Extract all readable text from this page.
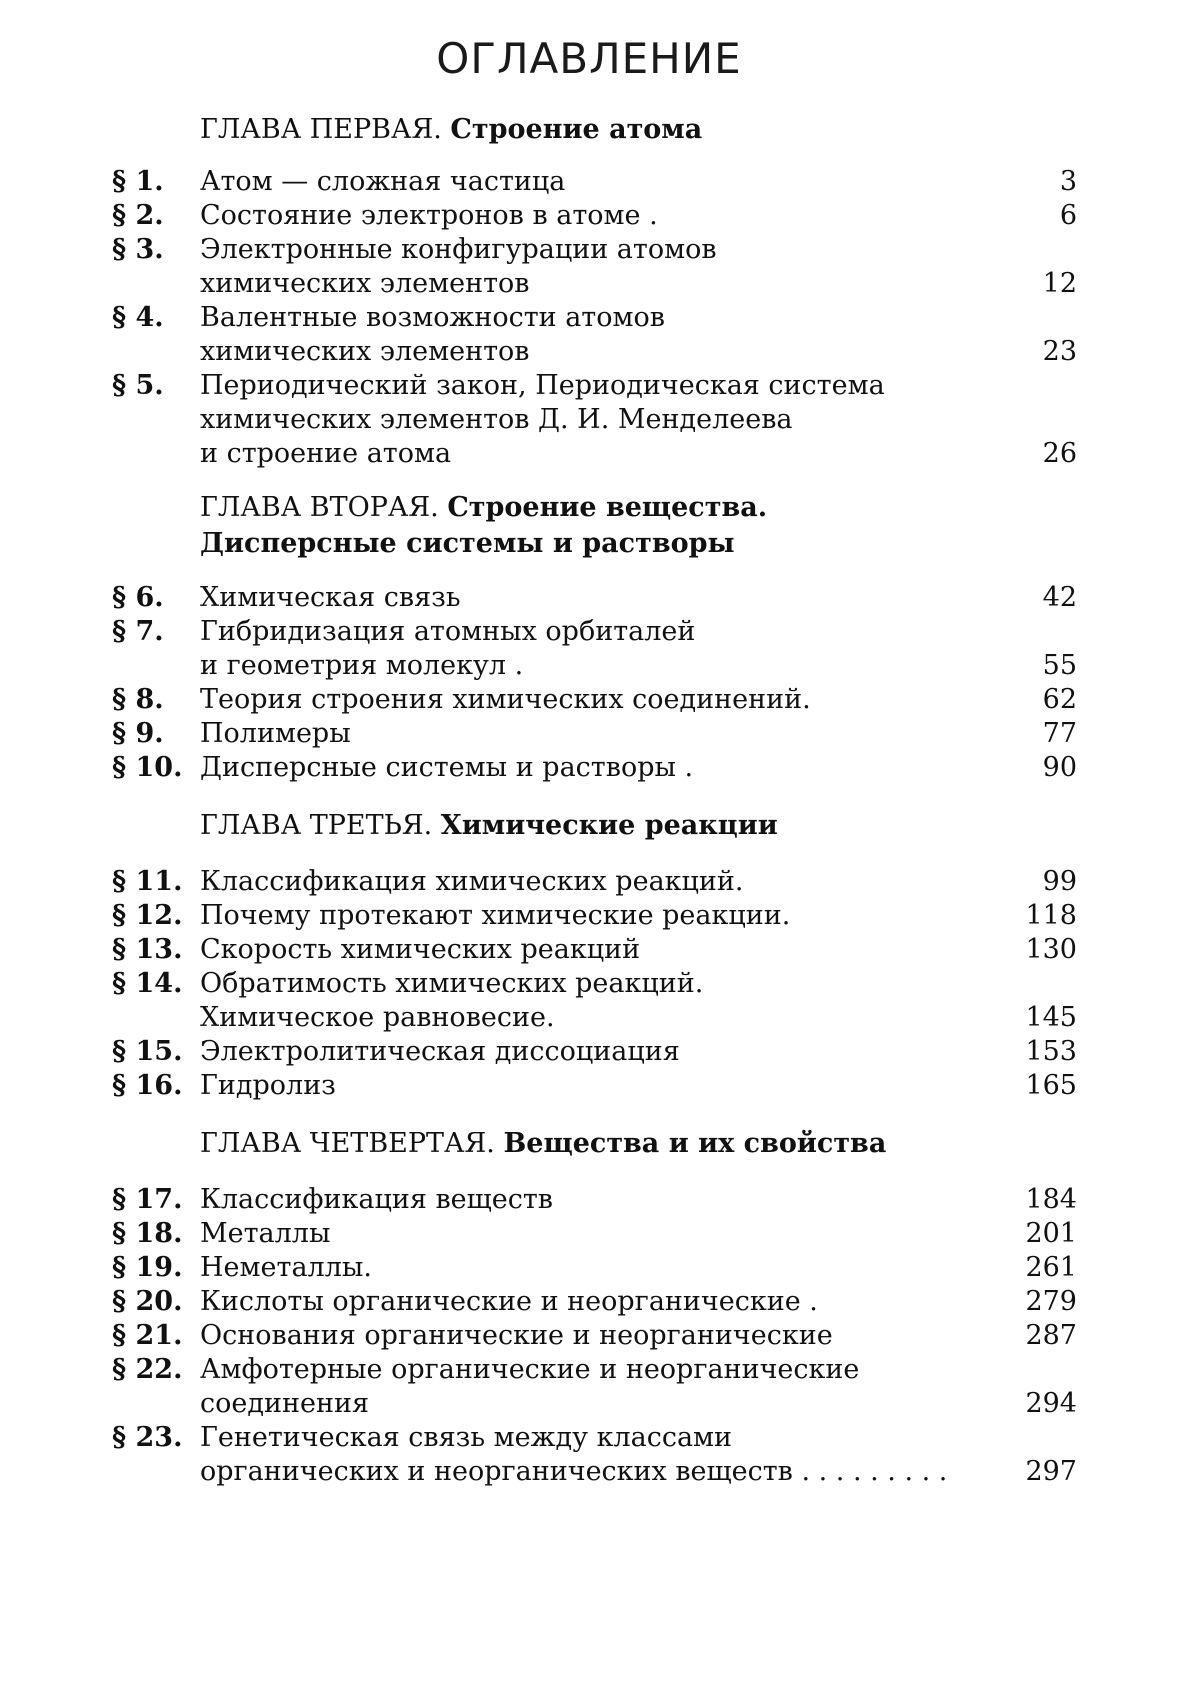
ОГЛАВЛЕНИЕ
ГЛАВА ПЕРВАЯ. Строение атома
§ 1. Атом — сложная частица	3
§ 2. Состояние электронов в атоме .	6
§ 3. Электронные конфигурации атомов
химических элементов	12
§ 4. Валентные возможности атомов
химических элементов	23
§ 5. Периодический закон, Периодическая система
химических элементов Д. И. Менделеева
и строение атома	26
ГЛАВА ВТОРАЯ. Строение вещества.
Дисперсные системы и растворы
§ 6. Химическая связь	42
§ 7. Гибридизация атомных орбиталей
и геометрия молекул .	55
§ 8. Теория строения химических соединений.	62
§ 9. Полимеры	77
§ 10. Дисперсные системы и растворы .	90
ГЛАВА ТРЕТЬЯ. Химические реакции
§ 11. Классификация химических реакций.	99
§ 12. Почему протекают химические реакции.	118
§ 13. Скорость химических реакций	130
§ 14. Обратимость химических реакций.
Химическое равновесие.	145
§ 15. Электролитическая диссоциация	153
§ 16. Гидролиз	165
ГЛАВА ЧЕТВЕРТАЯ. Вещества и их свойства
§ 17. Классификация веществ	184
§ 18. Металлы	201
§ 19. Неметаллы.	261
§ 20. Кислоты органические и неорганические .	279
§ 21. Основания органические и неорганические	287
§ 22. Амфотерные органические и неорганические
соединения	294
§ 23. Генетическая связь между классами
органических и неорганических веществ . . . . . . . . .	297
